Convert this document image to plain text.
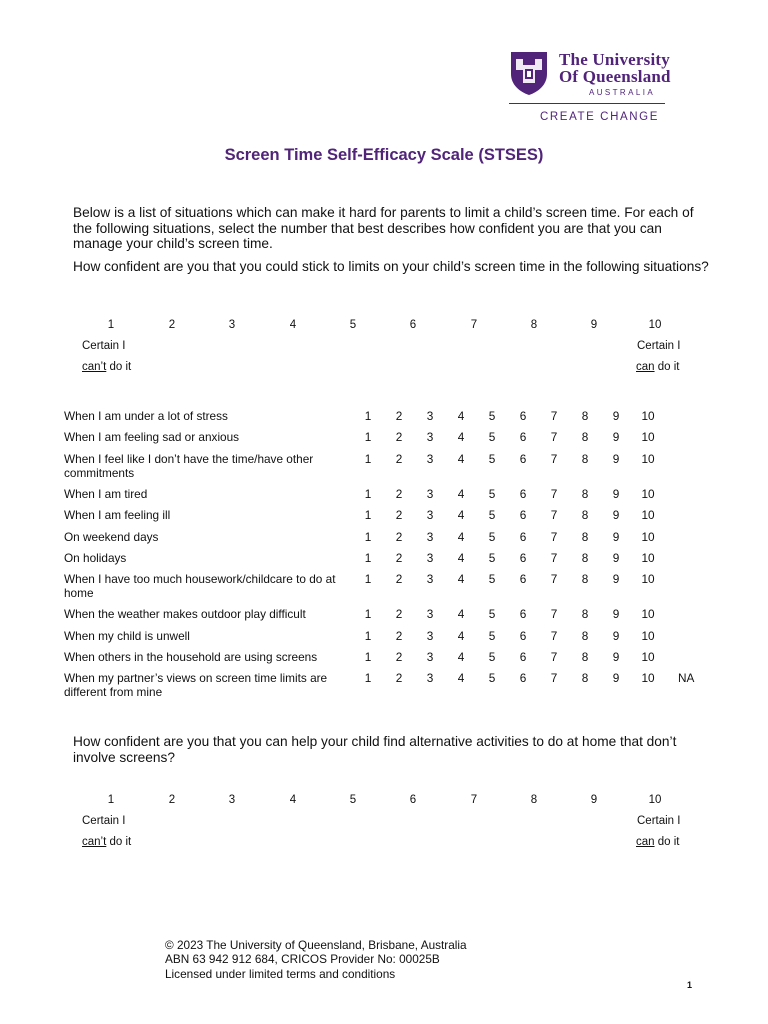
The University
Of Queensland
AUSTRALIA
CREATE CHANGE
Screen Time Self-Efficacy Scale (STSES)
Below is a list of situations which can make it hard for parents to limit a child’s screen time. For each of the following situations, select the number that best describes how confident you are that you can manage your child’s screen time.
How confident are you that you could stick to limits on your child’s screen time in the following situations?
1	2	3	4	5	6	7	8	9	10
Certain I
can’t do it
Certain I
can do it
When I am under a lot of stress	1	2	3	4	5	6	7	8	9	10
When I am feeling sad or anxious	1	2	3	4	5	6	7	8	9	10
When I feel like I don’t have the time/have other commitments
1	2	3	4	5	6	7	8	9	10
When I am tired	1	2	3	4	5	6	7	8	9	10
When I am feeling ill	1	2	3	4	5	6	7	8	9	10
On weekend days	1	2	3	4	5	6	7	8	9	10
On holidays	1	2	3	4	5	6	7	8	9	10
When I have too much housework/childcare to do at home
1	2	3	4	5	6	7	8	9	10
When the weather makes outdoor play difficult	1	2	3	4	5	6	7	8	9	10
When my child is unwell	1	2	3	4	5	6	7	8	9	10
When others in the household are using screens	1	2	3	4	5	6	7	8	9	10
When my partner’s views on screen time limits are different from mine
1	2	3	4	5	6	7	8	9	10	NA
How confident are you that you can help your child find alternative activities to do at home that don’t involve screens?
1	2	3	4	5	6	7	8	9	10
Certain I
can’t do it
Certain I
can do it
© 2023 The University of Queensland, Brisbane, Australia
ABN 63 942 912 684, CRICOS Provider No: 00025B
Licensed under limited terms and conditions
1
